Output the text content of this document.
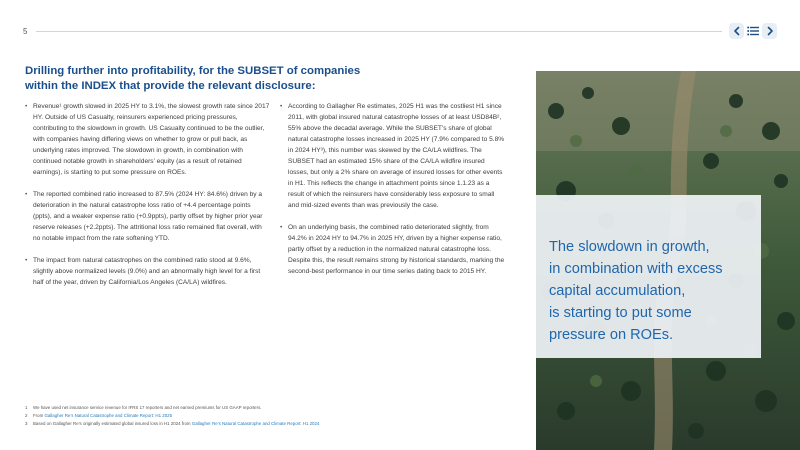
5
Drilling further into profitability, for the SUBSET of companies
within the INDEX that provide the relevant disclosure:

• Revenue¹ growth slowed in 2025 HY to 3.1%, the slowest growth rate since 2017 HY. Outside of US Casualty, reinsurers experienced pricing pressures, contributing to the slowdown in growth. US Casualty continued to be the outlier, with companies having differing views on whether to grow or pull back, as underlying rates improved. The slowdown in growth, in combination with continued notable growth in shareholders’ equity (as a result of retained earnings), is starting to put some pressure on ROEs.

• The reported combined ratio increased to 87.5% (2024 HY: 84.6%) driven by a deterioration in the natural catastrophe loss ratio of +4.4 percentage points (ppts), and a weaker expense ratio (+0.9ppts), partly offset by higher prior year reserve releases (+2.2ppts). The attritional loss ratio remained flat overall, with no notable impact from the rate softening YTD.

• The impact from natural catastrophes on the combined ratio stood at 9.6%, slightly above normalized levels (9.0%) and an abnormally high level for a first half of the year, driven by California/Los Angeles (CA/LA) wildfires.

• According to Gallagher Re estimates, 2025 H1 was the costliest H1 since 2011, with global insured natural catastrophe losses of at least USD84B², 55% above the decadal average. While the SUBSET’s share of global natural catastrophe losses increased in 2025 HY (7.9% compared to 5.8% in 2024 HY³), this number was skewed by the CA/LA wildfires. The SUBSET had an estimated 15% share of the CA/LA wildfire insured losses, but only a 2% share on average of insured losses for other events in H1. This reflects the change in attachment points since 1.1.23 as a result of which the reinsurers have considerably less exposure to small and mid-sized events than was previously the case.

• On an underlying basis, the combined ratio deteriorated slightly, from 94.2% in 2024 HY to 94.7% in 2025 HY, driven by a higher expense ratio, partly offset by a reduction in the normalized natural catastrophe loss. Despite this, the result remains strong by historical standards, marking the second-best performance in our time series dating back to 2015 HY.

1	We have used net insurance service revenue for IFRS 17 reporters and net earned premiums for US GAAP reporters.
2	From Gallagher Re’s Natural Catastrophe and Climate Report: H1 2025
3	Based on Gallagher Re’s originally estimated global insured loss in H1 2024 from Gallagher Re’s Natural Catastrophe and Climate Report: H1 2024
The slowdown in growth,
in combination with excess
capital accumulation,
is starting to put some
pressure on ROEs.
